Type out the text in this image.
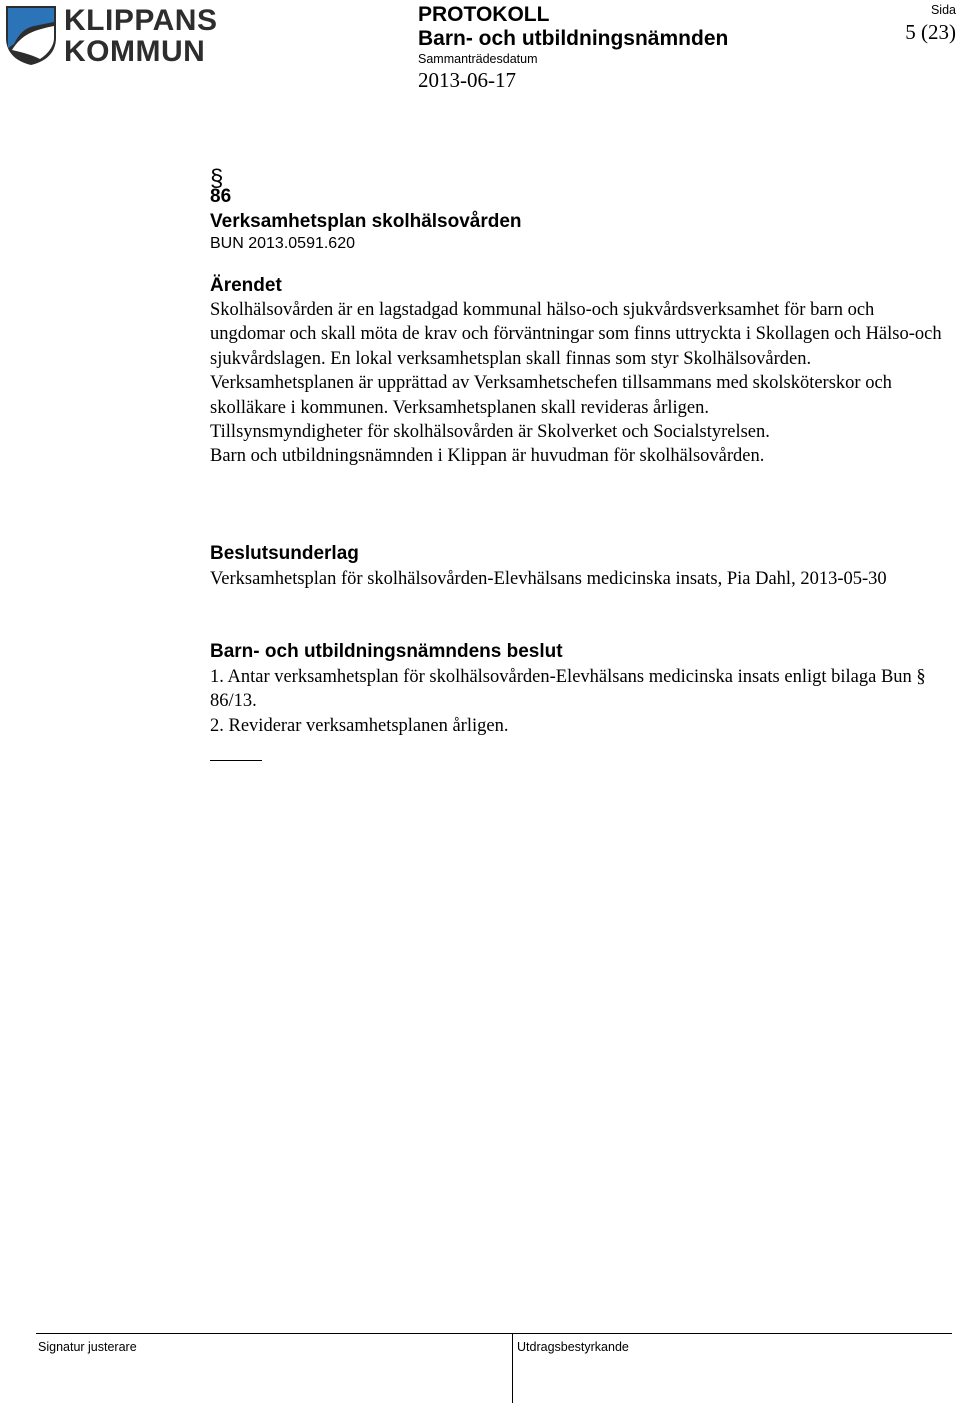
KLIPPANS
KOMMUN
PROTOKOLL
Barn- och utbildningsnämnden
Sammanträdesdatum
2013-06-17
Sida
5 (23)
§
86
Verksamhetsplan skolhälsovården
BUN 2013.0591.620
Ärendet

Skolhälsovården är en lagstadgad kommunal hälso-och sjukvårdsverksamhet för barn och ungdomar och skall möta de krav och förväntningar som finns uttryckta i Skollagen och Hälso-och sjukvårdslagen. En lokal verksamhetsplan skall finnas som styr Skolhälsovården.

Verksamhetsplanen är upprättad av Verksamhetschefen tillsammans med skolsköterskor och skolläkare i kommunen. Verksamhetsplanen skall revideras årligen.

Tillsynsmyndigheter för skolhälsovården är Skolverket och Socialstyrelsen.

Barn och utbildningsnämnden i Klippan är huvudman för skolhälsovården.

Beslutsunderlag

Verksamhetsplan för skolhälsovården-Elevhälsans medicinska insats, Pia Dahl, 2013-05-30

Barn- och utbildningsnämndens beslut

1. Antar verksamhetsplan för skolhälsovården-Elevhälsans medicinska insats enligt bilaga Bun § 86/13.

2. Reviderar verksamhetsplanen årligen.

Signatur justerare	Utdragsbestyrkande
